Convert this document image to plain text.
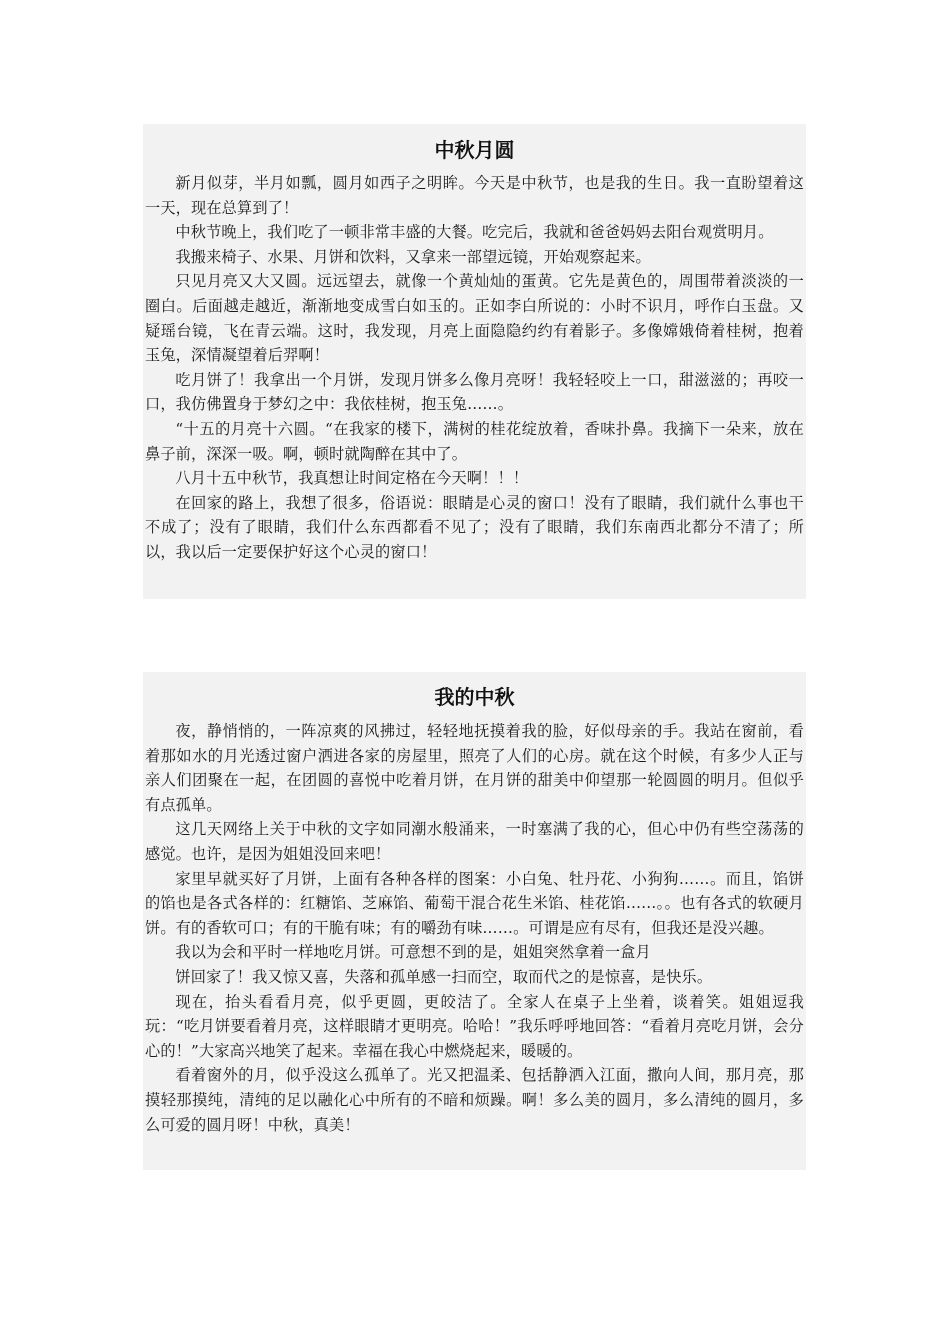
中秋月圆

新月似芽，半月如瓢，圆月如西子之明眸。今天是中秋节，也是我的生日。我一直盼望着这一天，现在总算到了！

中秋节晚上，我们吃了一顿非常丰盛的大餐。吃完后，我就和爸爸妈妈去阳台观赏明月。

我搬来椅子、水果、月饼和饮料，又拿来一部望远镜，开始观察起来。

只见月亮又大又圆。远远望去，就像一个黄灿灿的蛋黄。它先是黄色的，周围带着淡淡的一圈白。后面越走越近，渐渐地变成雪白如玉的。正如李白所说的：小时不识月，呼作白玉盘。又疑瑶台镜，飞在青云端。这时，我发现，月亮上面隐隐约约有着影子。多像嫦娥倚着桂树，抱着玉兔，深情凝望着后羿啊！

吃月饼了！我拿出一个月饼，发现月饼多么像月亮呀！我轻轻咬上一口，甜滋滋的；再咬一口，我仿佛置身于梦幻之中：我依桂树，抱玉兔……。

“十五的月亮十六圆。“在我家的楼下，满树的桂花绽放着，香味扑鼻。我摘下一朵来，放在鼻子前，深深一吸。啊，顿时就陶醉在其中了。

八月十五中秋节，我真想让时间定格在今天啊！！！

在回家的路上，我想了很多，俗语说：眼睛是心灵的窗口！没有了眼睛，我们就什么事也干不成了；没有了眼睛，我们什么东西都看不见了；没有了眼睛，我们东南西北都分不清了；所以，我以后一定要保护好这个心灵的窗口！

我的中秋

夜，静悄悄的，一阵凉爽的风拂过，轻轻地抚摸着我的脸，好似母亲的手。我站在窗前，看着那如水的月光透过窗户洒进各家的房屋里，照亮了人们的心房。就在这个时候，有多少人正与亲人们团聚在一起，在团圆的喜悦中吃着月饼，在月饼的甜美中仰望那一轮圆圆的明月。但似乎有点孤单。

这几天网络上关于中秋的文字如同潮水般涌来，一时塞满了我的心，但心中仍有些空荡荡的感觉。也许，是因为姐姐没回来吧！

家里早就买好了月饼，上面有各种各样的图案：小白兔、牡丹花、小狗狗……。而且，馅饼的馅也是各式各样的：红糖馅、芝麻馅、葡萄干混合花生米馅、桂花馅……。。也有各式的软硬月饼。有的香软可口；有的干脆有味；有的嚼劲有味……。可谓是应有尽有，但我还是没兴趣。

我以为会和平时一样地吃月饼。可意想不到的是，姐姐突然拿着一盒月

饼回家了！我又惊又喜，失落和孤单感一扫而空，取而代之的是惊喜，是快乐。

现在，抬头看看月亮，似乎更圆，更皎洁了。全家人在桌子上坐着，谈着笑。姐姐逗我玩：“吃月饼要看着月亮，这样眼睛才更明亮。哈哈！”我乐呼呼地回答：“看着月亮吃月饼，会分心的！”大家高兴地笑了起来。幸福在我心中燃烧起来，暖暖的。

看着窗外的月，似乎没这么孤单了。光又把温柔、包括静洒入江面，撒向人间，那月亮，那摸轻那摸纯，清纯的足以融化心中所有的不暗和烦躁。啊！多么美的圆月，多么清纯的圆月，多么可爱的圆月呀！中秋，真美！
